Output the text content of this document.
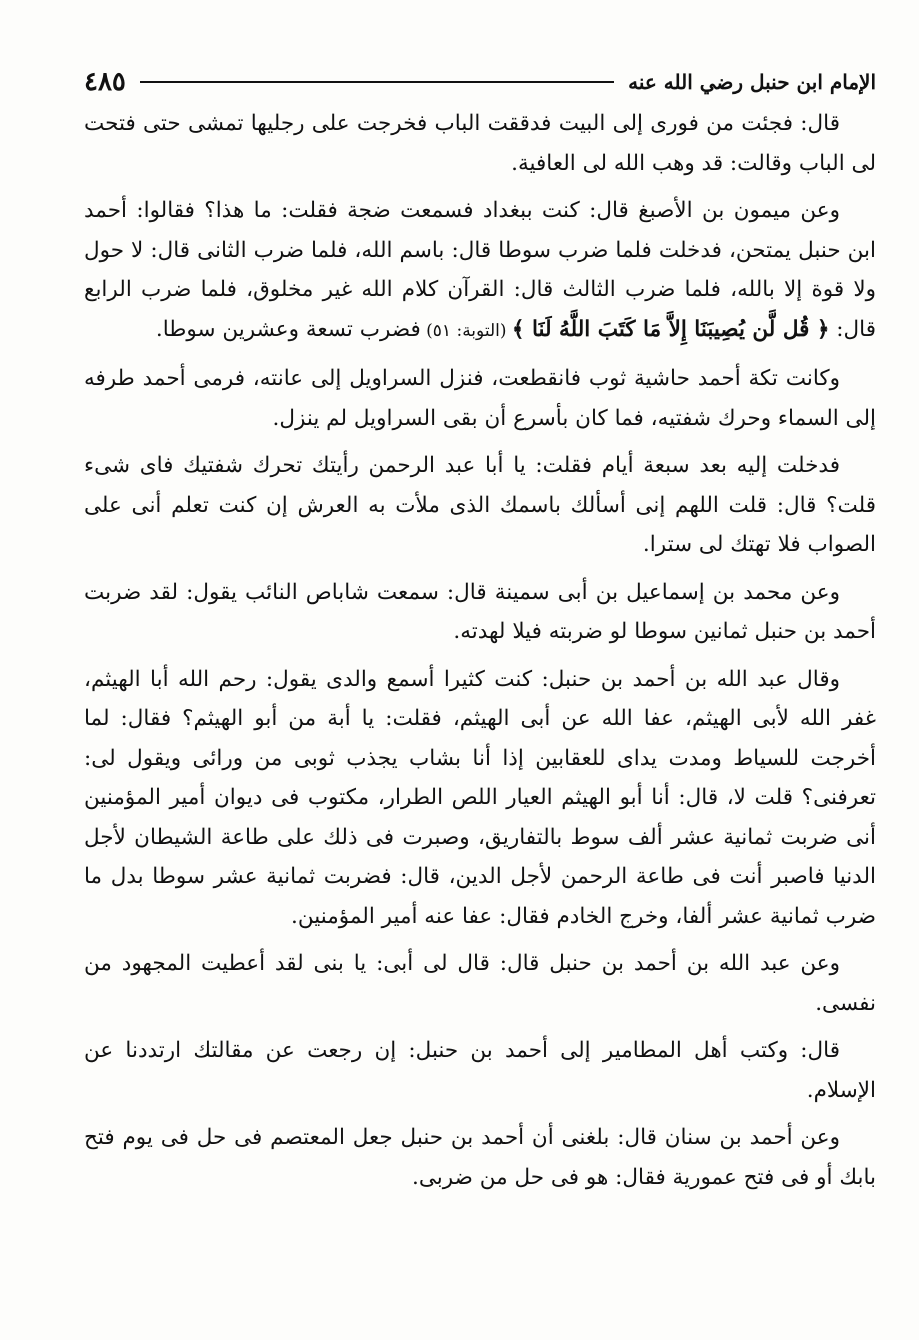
الإمام ابن حنبل رضي الله عنه
٤٨٥

قال: فجئت من فورى إلى البيت فدققت الباب فخرجت على رجليها تمشى حتى فتحت لى الباب وقالت: قد وهب الله لى العافية.

وعن ميمون بن الأصبغ قال: كنت ببغداد فسمعت ضجة فقلت: ما هذا؟ فقالوا: أحمد ابن حنبل يمتحن، فدخلت فلما ضرب سوطا قال: باسم الله، فلما ضرب الثانى قال: لا حول ولا قوة إلا بالله، فلما ضرب الثالث قال: القرآن كلام الله غير مخلوق، فلما ضرب الرابع قال: ﴿ قُل لَّن يُصِيبَنَا إِلاَّ مَا كَتَبَ اللَّهُ لَنَا ﴾ (التوبة: ٥١) فضرب تسعة وعشرين سوطا.

وكانت تكة أحمد حاشية ثوب فانقطعت، فنزل السراويل إلى عانته، فرمى أحمد طرفه إلى السماء وحرك شفتيه، فما كان بأسرع أن بقى السراويل لم ينزل.

فدخلت إليه بعد سبعة أيام فقلت: يا أبا عبد الرحمن رأيتك تحرك شفتيك فاى شىء قلت؟ قال: قلت اللهم إنى أسألك باسمك الذى ملأت به العرش إن كنت تعلم أنى على الصواب فلا تهتك لى سترا.

وعن محمد بن إسماعيل بن أبى سمينة قال: سمعت شاباص النائب يقول: لقد ضربت أحمد بن حنبل ثمانين سوطا لو ضربته فيلا لهدته.

وقال عبد الله بن أحمد بن حنبل: كنت كثيرا أسمع والدى يقول: رحم الله أبا الهيثم، غفر الله لأبى الهيثم، عفا الله عن أبى الهيثم، فقلت: يا أبة من أبو الهيثم؟ فقال: لما أخرجت للسياط ومدت يداى للعقابين إذا أنا بشاب يجذب ثوبى من ورائى ويقول لى: تعرفنى؟ قلت لا، قال: أنا أبو الهيثم العيار اللص الطرار، مكتوب فى ديوان أمير المؤمنين أنى ضربت ثمانية عشر ألف سوط بالتفاريق، وصبرت فى ذلك على طاعة الشيطان لأجل الدنيا فاصبر أنت فى طاعة الرحمن لأجل الدين، قال: فضربت ثمانية عشر سوطا بدل ما ضرب ثمانية عشر ألفا، وخرج الخادم فقال: عفا عنه أمير المؤمنين.

وعن عبد الله بن أحمد بن حنبل قال: قال لى أبى: يا بنى لقد أعطيت المجهود من نفسى.

قال: وكتب أهل المطامير إلى أحمد بن حنبل: إن رجعت عن مقالتك ارتددنا عن الإسلام.

وعن أحمد بن سنان قال: بلغنى أن أحمد بن حنبل جعل المعتصم فى حل فى يوم فتح بابك أو فى فتح عمورية فقال: هو فى حل من ضربى.
